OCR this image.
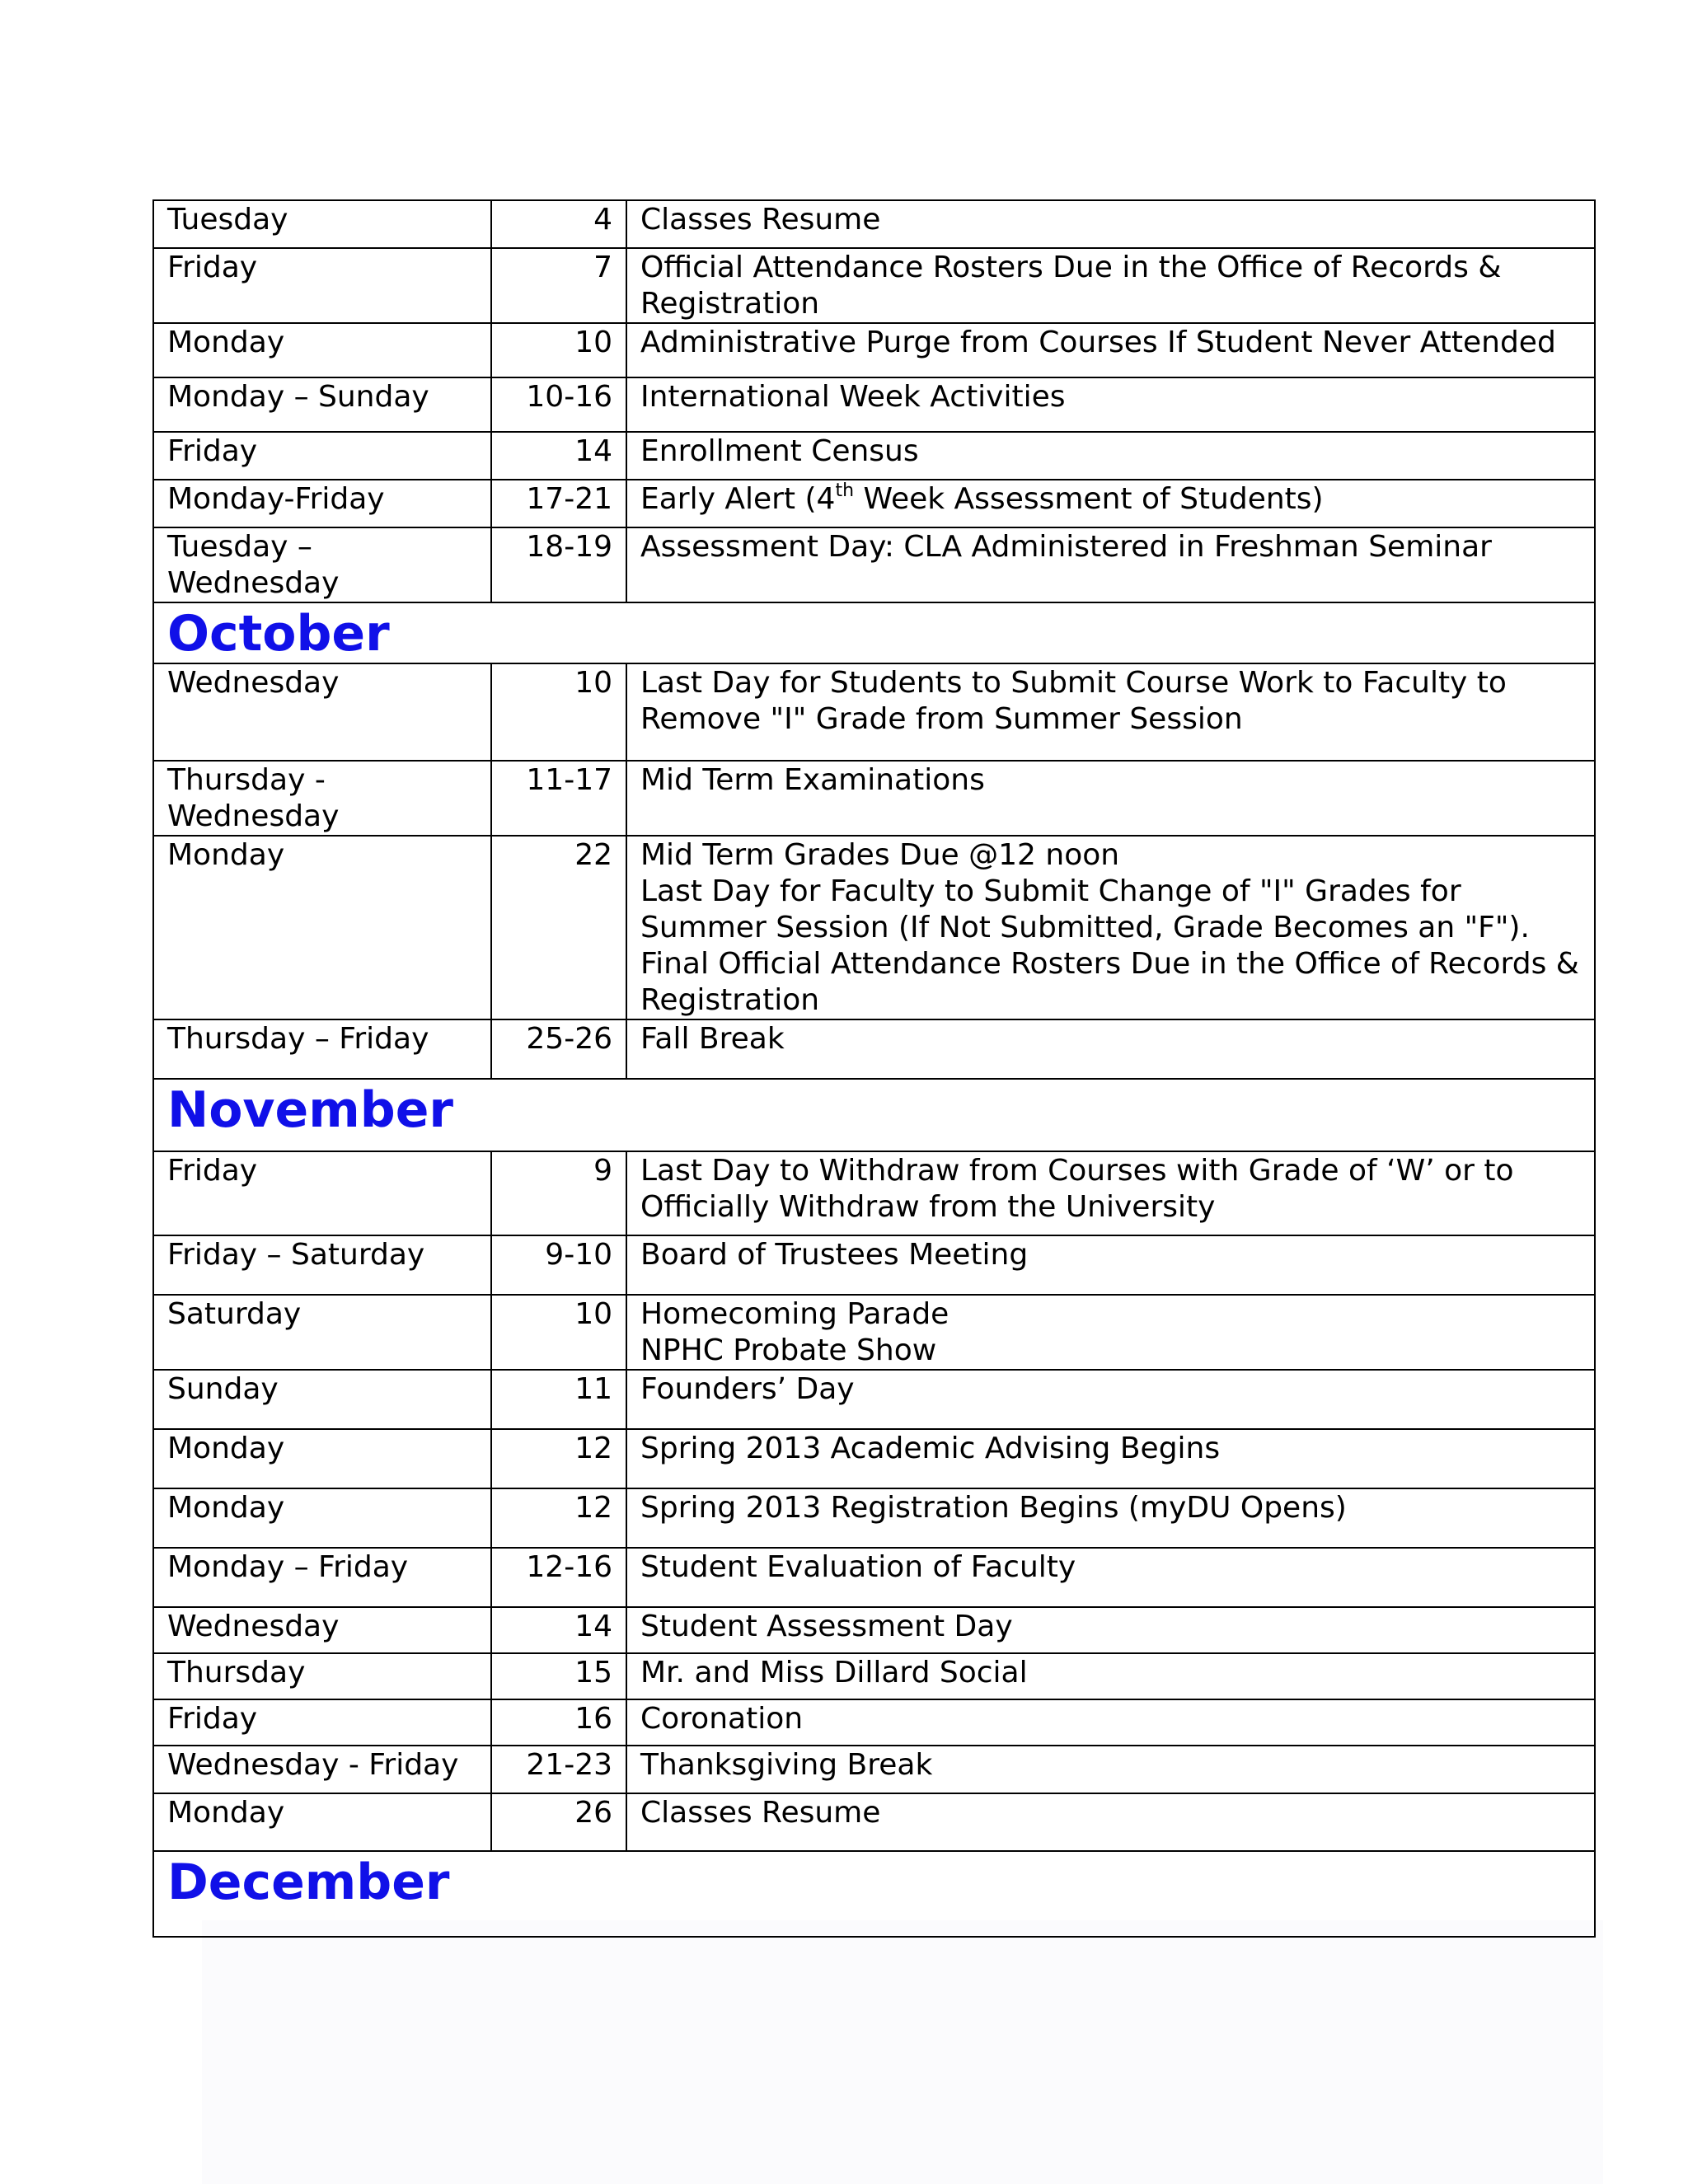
Tuesday	4	Classes Resume

Friday	7	Official Attendance Rosters Due in the Office of Records & Registration

Monday	10	Administrative Purge from Courses If Student Never Attended

Monday – Sunday	10-16	International Week Activities

Friday	14	Enrollment Census

Monday-Friday	17-21	Early Alert (4th Week Assessment of Students)
Tuesday – Wednesday	18-19	Assessment Day: CLA Administered in Freshman Seminar

October		
Wednesday	10	Last Day for Students to Submit Course Work to Faculty to Remove "I" Grade from Summer Session

Thursday - Wednesday	11-17	Mid Term Examinations

Monday	22	Mid Term Grades Due @12 noon
Last Day for Faculty to Submit Change of "I" Grades for Summer Session (If Not Submitted, Grade Becomes an "F").
Final Official Attendance Rosters Due in the Office of Records & Registration

Thursday – Friday	25-26	Fall Break

November		
Friday	9	Last Day to Withdraw from Courses with Grade of ‘W’ or to Officially Withdraw from the University

Friday – Saturday	9-10	Board of Trustees Meeting

Saturday	10	Homecoming Parade
NPHC Probate Show

Sunday	11	Founders’ Day

Monday	12	Spring 2013 Academic Advising Begins

Monday	12	Spring 2013 Registration Begins (myDU Opens)

Monday – Friday	12-16	Student Evaluation of Faculty

Wednesday	14	Student Assessment Day

Thursday	15	Mr. and Miss Dillard Social

Friday	16	Coronation

Wednesday - Friday	21-23	Thanksgiving Break

Monday	26	Classes Resume

December		
